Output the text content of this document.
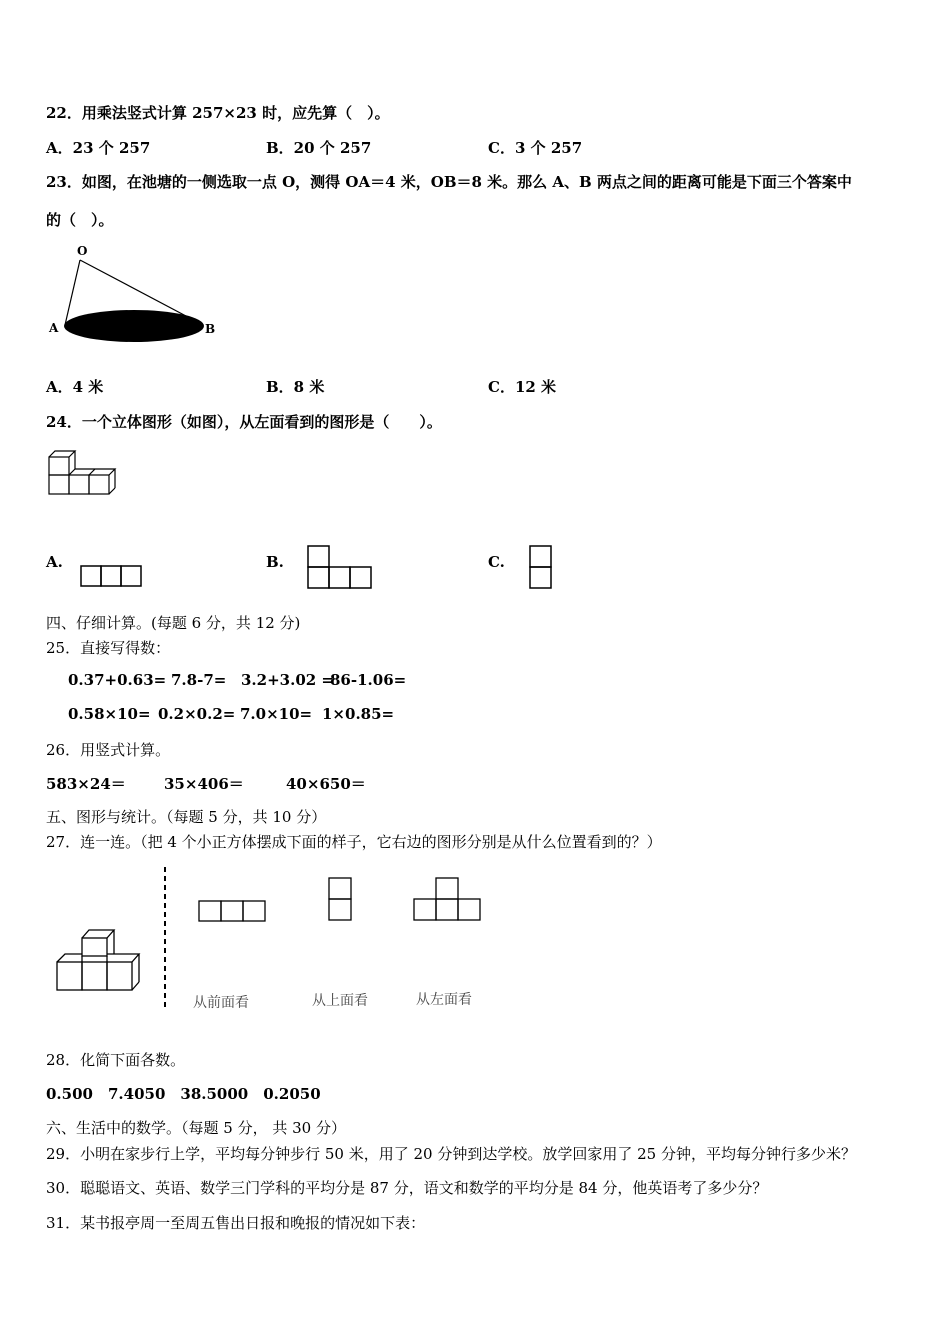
22．用乘法竖式计算 257×23 时，应先算（　）。
A．23 个 257	B．20 个 257	C．3 个 257
23．如图，在池塘的一侧选取一点 O，测得 OA＝4 米，OB＝8 米。那么 A、B 两点之间的距离可能是下面三个答案中
的（　）。
O
A	B
A．4 米	B．8 米	C．12 米
24．一个立体图形（如图），从左面看到的图形是（　　）。
A.	B.	C.
四、仔细计算。(每题 6 分，共 12 分)
25．直接写得数：
0.37+0.63= 7.8-7= 3.2+3.02 =
86-1.06=
0.58×10= 0.2×0.2= 7.0×10= 1×0.85=
26．用竖式计算。
583×24＝	35×406＝	40×650＝
五、图形与统计。（每题 5 分，共 10 分）
27．连一连。（把 4 个小正方体摆成下面的样子，它右边的图形分别是从什么位置看到的？）
从前面看	从上面看	从左面看
28．化简下面各数。
0.500　7.4050　38.5000　0.2050
六、生活中的数学。（每题 5 分， 共 30 分）
29．小明在家步行上学，平均每分钟步行 50 米，用了 20 分钟到达学校。放学回家用了 25 分钟，平均每分钟行多少米？
30．聪聪语文、英语、数学三门学科的平均分是 87 分，语文和数学的平均分是 84 分，他英语考了多少分？
31．某书报亭周一至周五售出日报和晚报的情况如下表：
